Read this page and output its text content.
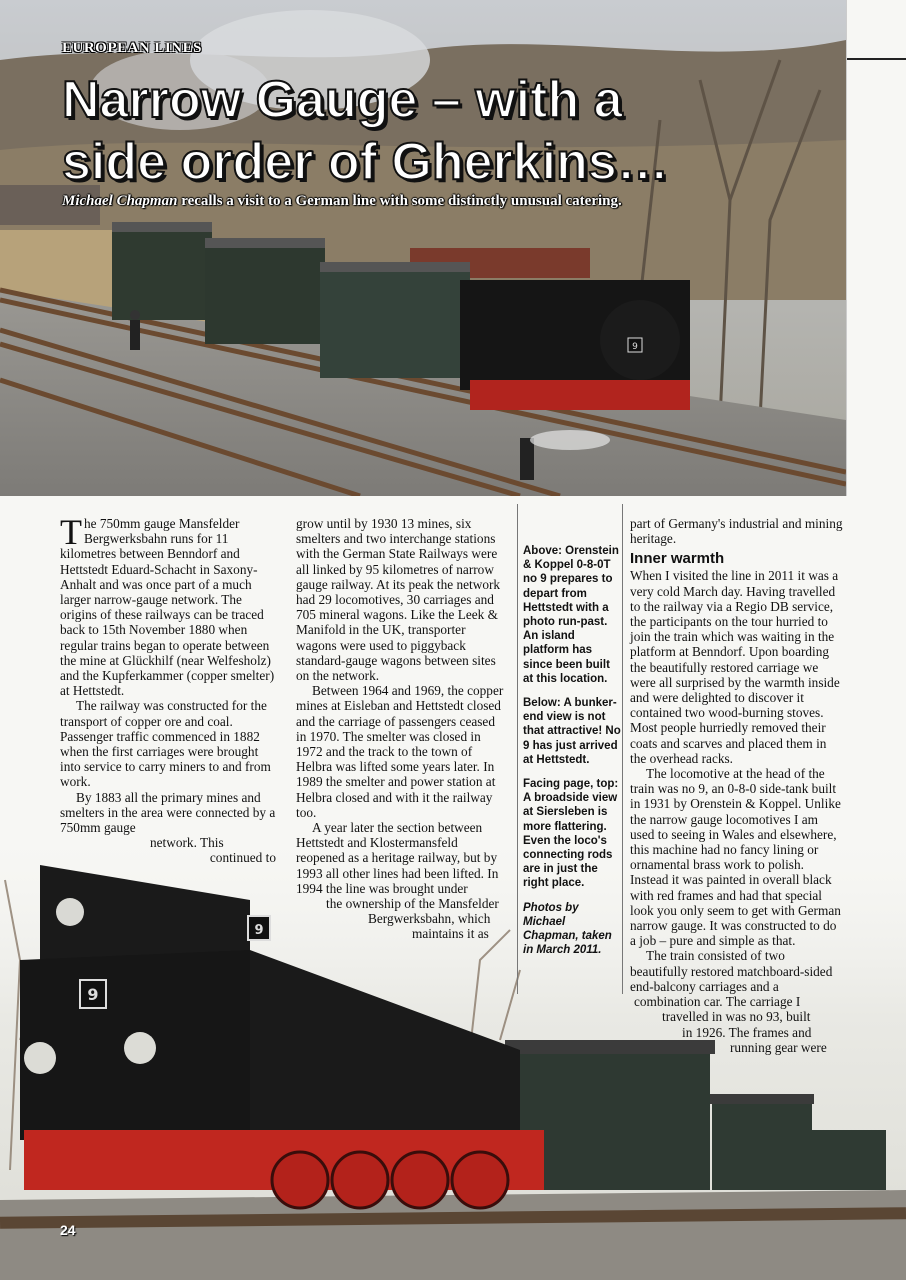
9
EUROPEAN LINES
Narrow Gauge – with a
side order of Gherkins…
Michael Chapman recalls a visit to a German line with some distinctly unusual catering.
9
9

The 750mm gauge Mansfelder Bergwerksbahn runs for 11 kilometres between Benndorf and Hettstedt Eduard-Schacht in Saxony-Anhalt and was once part of a much larger narrow-gauge network. The origins of these railways can be traced back to 15th November 1880 when regular trains began to operate between the mine at Glückhilf (near Welfesholz) and the Kupferkammer (copper smelter) at Hettstedt.

The railway was constructed for the transport of copper ore and coal. Passenger traffic commenced in 1882 when the first carriages were brought into service to carry miners to and from work.

By 1883 all the primary mines and smelters in the area were connected by a 750mm gauge

network. This

continued to

grow until by 1930 13 mines, six smelters and two interchange stations with the German State Railways were all linked by 95 kilometres of narrow gauge railway. At its peak the network had 29 locomotives, 30 carriages and 705 mineral wagons. Like the Leek & Manifold in the UK, transporter wagons were used to piggyback standard-gauge wagons between sites on the network.

Between 1964 and 1969, the copper mines at Eisleban and Hettstedt closed and the carriage of passengers ceased in 1970. The smelter was closed in 1972 and the track to the town of Helbra was lifted some years later. In 1989 the smelter and power station at Helbra closed and with it the railway too.

A year later the section between Hettstedt and Klostermansfeld reopened as a heritage railway, but by 1993 all other lines had been lifted. In 1994 the line was brought under

the ownership of the Mansfelder

Bergwerksbahn, which

maintains it as

Above: Orenstein & Koppel 0-8-0T no 9 prepares to depart from Hettstedt with a photo run-past. An island platform has since been built at this location.

Below: A bunker-end view is not that attractive! No 9 has just arrived at Hettstedt.

Facing page, top: A broadside view at Siersleben is more flattering. Even the loco's connecting rods are in just the right place.

Photos by Michael Chapman, taken in March 2011.

part of Germany's industrial and mining heritage.

Inner warmth

When I visited the line in 2011 it was a very cold March day. Having travelled to the railway via a Regio DB service, the participants on the tour hurried to join the train which was waiting in the platform at Benndorf. Upon boarding the beautifully restored carriage we were all surprised by the warmth inside and were delighted to discover it contained two wood-burning stoves. Most people hurriedly removed their coats and scarves and placed them in the overhead racks.

The locomotive at the head of the train was no 9, an 0-8-0 side-tank built in 1931 by Orenstein & Koppel. Unlike the narrow gauge locomotives I am used to seeing in Wales and elsewhere, this machine had no fancy lining or ornamental brass work to polish. Instead it was painted in overall black with red frames and had that special look you only seem to get with German narrow gauge. It was constructed to do a job – pure and simple as that.

The train consisted of two beautifully restored matchboard-sided end-balcony carriages and a

combination car. The carriage I

travelled in was no 93, built

in 1926. The frames and

running gear were

24
